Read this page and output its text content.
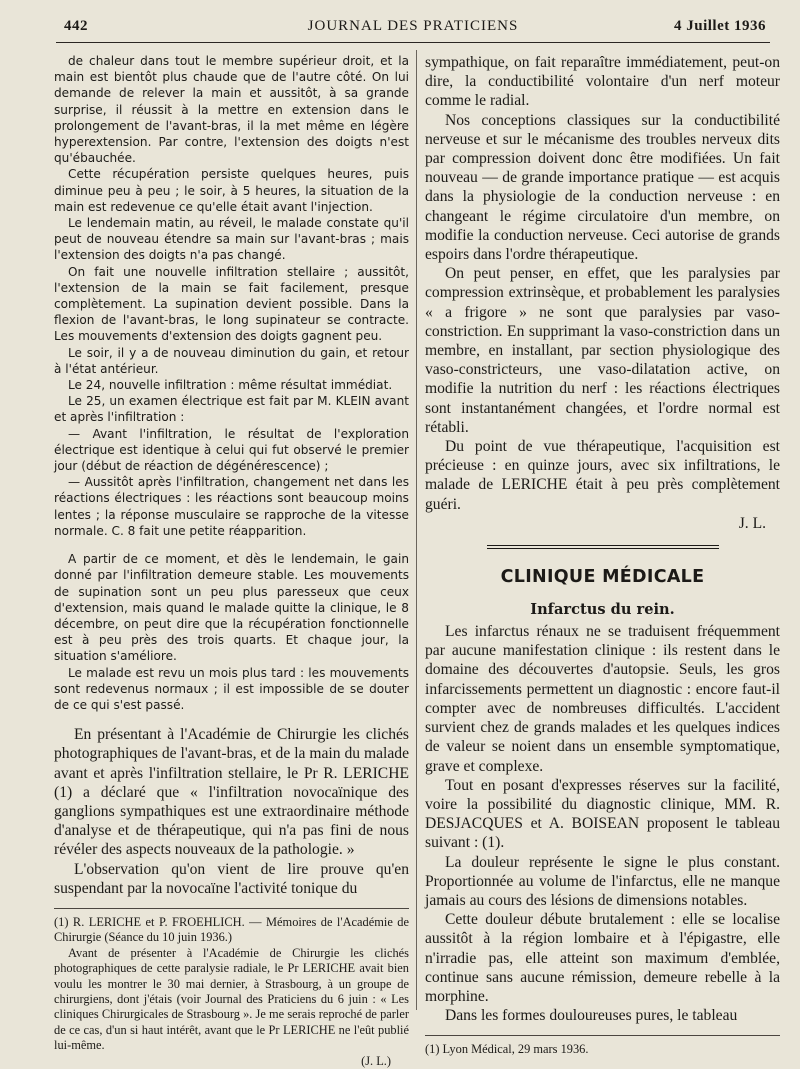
442	JOURNAL DES PRATICIENS	4 Juillet 1936

de chaleur dans tout le membre supérieur droit, et la main est bientôt plus chaude que de l'autre côté. On lui demande de relever la main et aussitôt, à sa grande surprise, il réussit à la mettre en extension dans le prolongement de l'avant-bras, il la met même en légère hyperextension. Par contre, l'extension des doigts n'est qu'ébauchée.

Cette récupération persiste quelques heures, puis diminue peu à peu ; le soir, à 5 heures, la situation de la main est redevenue ce qu'elle était avant l'injection.

Le lendemain matin, au réveil, le malade constate qu'il peut de nouveau étendre sa main sur l'avant-bras ; mais l'extension des doigts n'a pas changé.

On fait une nouvelle infiltration stellaire ; aussitôt, l'extension de la main se fait facilement, presque complètement. La supination devient possible. Dans la flexion de l'avant-bras, le long supinateur se contracte. Les mouvements d'extension des doigts gagnent peu.

Le soir, il y a de nouveau diminution du gain, et retour à l'état antérieur.

Le 24, nouvelle infiltration : même résultat immédiat.

Le 25, un examen électrique est fait par M. KLEIN avant et après l'infiltration :

— Avant l'infiltration, le résultat de l'exploration électrique est identique à celui qui fut observé le premier jour (début de réaction de dégénérescence) ;

— Aussitôt après l'infiltration, changement net dans les réactions électriques : les réactions sont beaucoup moins lentes ; la réponse musculaire se rapproche de la vitesse normale. C. 8 fait une petite réapparition.

A partir de ce moment, et dès le lendemain, le gain donné par l'infiltration demeure stable. Les mouvements de supination sont un peu plus paresseux que ceux d'extension, mais quand le malade quitte la clinique, le 8 décembre, on peut dire que la récupération fonctionnelle est à peu près des trois quarts. Et chaque jour, la situation s'améliore.

Le malade est revu un mois plus tard : les mouvements sont redevenus normaux ; il est impossible de se douter de ce qui s'est passé.

En présentant à l'Académie de Chirurgie les clichés photographiques de l'avant-bras, et de la main du malade avant et après l'infiltration stellaire, le Pr R. LERICHE (1) a déclaré que « l'infiltration novocaïnique des ganglions sympathiques est une extraordinaire méthode d'analyse et de thérapeutique, qui n'a pas fini de nous révéler des aspects nouveaux de la pathologie. »

L'observation qu'on vient de lire prouve qu'en suspendant par la novocaïne l'activité tonique du

(1) R. LERICHE et P. FROEHLICH. — Mémoires de l'Académie de Chirurgie (Séance du 10 juin 1936.)

Avant de présenter à l'Académie de Chirurgie les clichés photographiques de cette paralysie radiale, le Pr LERICHE avait bien voulu les montrer le 30 mai dernier, à Strasbourg, à un groupe de chirurgiens, dont j'étais (voir Journal des Praticiens du 6 juin : « Les cliniques Chirurgicales de Strasbourg ». Je me serais reproché de parler de ce cas, d'un si haut intérêt, avant que le Pr LERICHE ne l'eût publié lui-même.

(J. L.)

sympathique, on fait reparaître immédiatement, peut-on dire, la conductibilité volontaire d'un nerf moteur comme le radial.

Nos conceptions classiques sur la conductibilité nerveuse et sur le mécanisme des troubles nerveux dits par compression doivent donc être modifiées. Un fait nouveau — de grande importance pratique — est acquis dans la physiologie de la conduction nerveuse : en changeant le régime circulatoire d'un membre, on modifie la conduction nerveuse. Ceci autorise de grands espoirs dans l'ordre thérapeutique.

On peut penser, en effet, que les paralysies par compression extrinsèque, et probablement les paralysies « a frigore » ne sont que paralysies par vaso-constriction. En supprimant la vaso-constriction dans un membre, en installant, par section physiologique des vaso-constricteurs, une vaso-dilatation active, on modifie la nutrition du nerf : les réactions électriques sont instantanément changées, et l'ordre normal est rétabli.

Du point de vue thérapeutique, l'acquisition est précieuse : en quinze jours, avec six infiltrations, le malade de LERICHE était à peu près complètement guéri.

J. L.

CLINIQUE MÉDICALE
Infarctus du rein.

Les infarctus rénaux ne se traduisent fréquemment par aucune manifestation clinique : ils restent dans le domaine des découvertes d'autopsie. Seuls, les gros infarcissements permettent un diagnostic : encore faut-il compter avec de nombreuses difficultés. L'accident survient chez de grands malades et les quelques indices de valeur se noient dans un ensemble symptomatique, grave et complexe.

Tout en posant d'expresses réserves sur la facilité, voire la possibilité du diagnostic clinique, MM. R. DESJACQUES et A. BOISEAN proposent le tableau suivant : (1).

La douleur représente le signe le plus constant. Proportionnée au volume de l'infarctus, elle ne manque jamais au cours des lésions de dimensions notables.

Cette douleur débute brutalement : elle se localise aussitôt à la région lombaire et à l'épigastre, elle n'irradie pas, elle atteint son maximum d'emblée, continue sans aucune rémission, demeure rebelle à la morphine.

Dans les formes douloureuses pures, le tableau

(1) Lyon Médical, 29 mars 1936.
